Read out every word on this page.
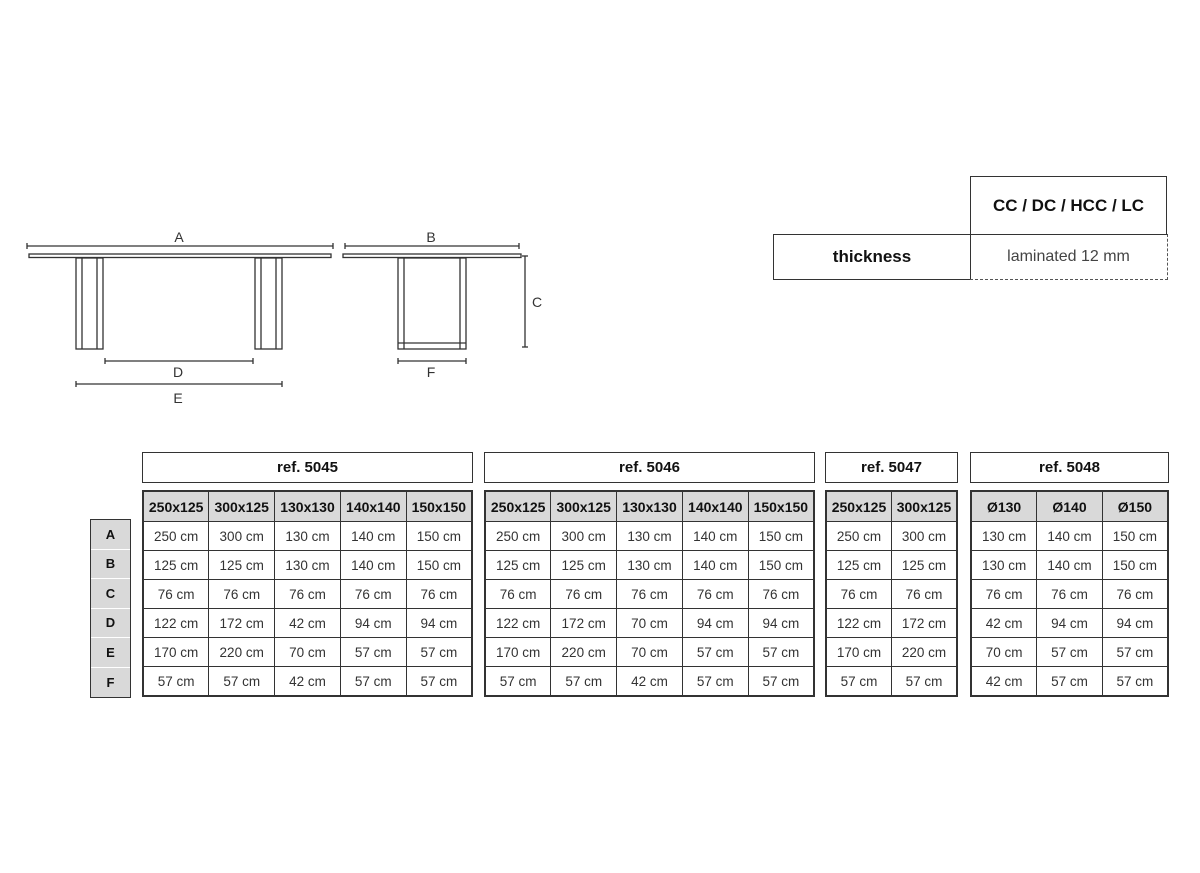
A
D
E
B
C
F
CC / DC / HCC / LC
thickness	laminated 12 mm
A
B
C
D
E
F
ref. 5045
250x125	300x125	130x130	140x140	150x150
250 cm	300 cm	130 cm	140 cm	150 cm
125 cm	125 cm	130 cm	140 cm	150 cm
76 cm	76 cm	76 cm	76 cm	76 cm
122 cm	172 cm	42 cm	94 cm	94 cm
170 cm	220 cm	70 cm	57 cm	57 cm
57 cm	57 cm	42 cm	57 cm	57 cm
ref. 5046
250x125	300x125	130x130	140x140	150x150
250 cm	300 cm	130 cm	140 cm	150 cm
125 cm	125 cm	130 cm	140 cm	150 cm
76 cm	76 cm	76 cm	76 cm	76 cm
122 cm	172 cm	70 cm	94 cm	94 cm
170 cm	220 cm	70 cm	57 cm	57 cm
57 cm	57 cm	42 cm	57 cm	57 cm
ref. 5047
250x125	300x125
250 cm	300 cm
125 cm	125 cm
76 cm	76 cm
122 cm	172 cm
170 cm	220 cm
57 cm	57 cm
ref. 5048
Ø130	Ø140	Ø150
130 cm	140 cm	150 cm
130 cm	140 cm	150 cm
76 cm	76 cm	76 cm
42 cm	94 cm	94 cm
70 cm	57 cm	57 cm
42 cm	57 cm	57 cm
